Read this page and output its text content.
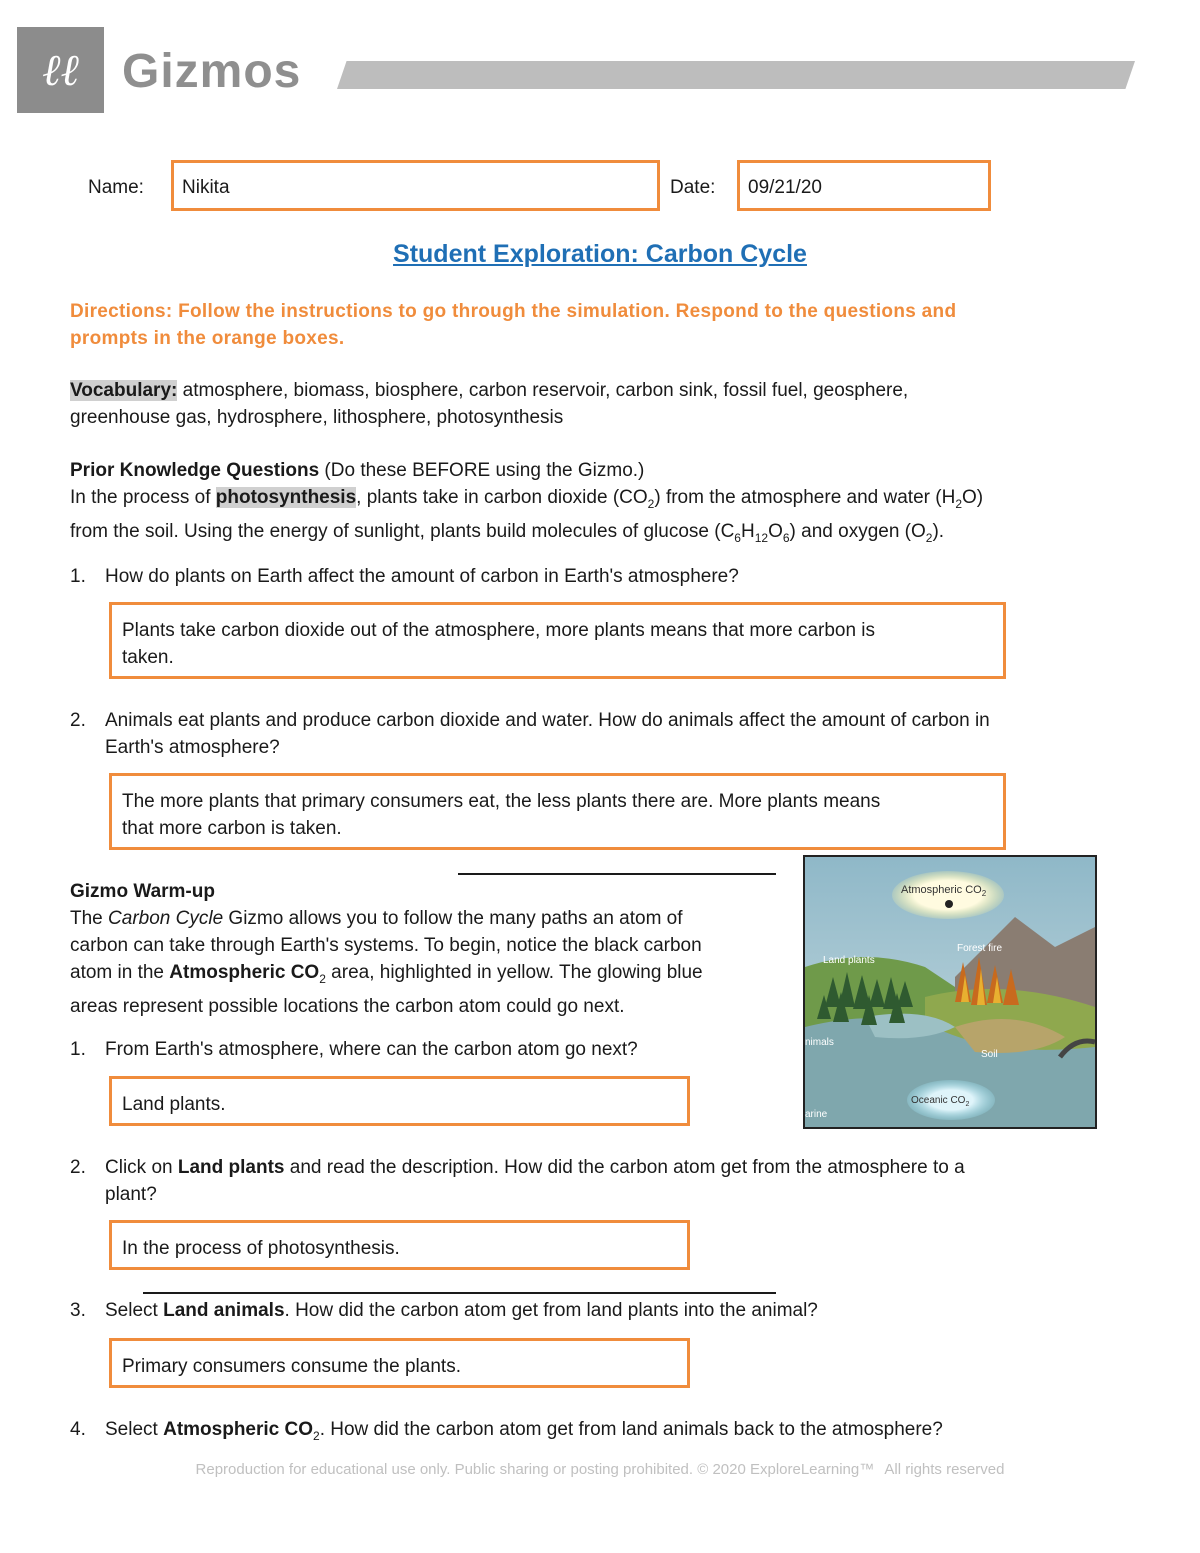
ℓℓ Gizmos
Name:	Nikita	Date:	09/21/20
Student Exploration: Carbon Cycle
Directions: Follow the instructions to go through the simulation. Respond to the questions and
prompts in the orange boxes.
Vocabulary: atmosphere, biomass, biosphere, carbon reservoir, carbon sink, fossil fuel, geosphere,
greenhouse gas, hydrosphere, lithosphere, photosynthesis
Prior Knowledge Questions (Do these BEFORE using the Gizmo.)
In the process of photosynthesis, plants take in carbon dioxide $(CO_2)$ from the atmosphere and water $(H_2O)$
from the soil. Using the energy of sunlight, plants build molecules of glucose $(C_6H_{12}O_6)$ and oxygen $(O_2)$.
1. How do plants on Earth affect the amount of carbon in Earth's atmosphere?
Plants take carbon dioxide out of the atmosphere, more plants means that more carbon is
taken.
2. Animals eat plants and produce carbon dioxide and water. How do animals affect the amount of carbon in
Earth's atmosphere?
The more plants that primary consumers eat, the less plants there are. More plants means
that more carbon is taken.
Gizmo Warm-up
The Carbon Cycle Gizmo allows you to follow the many paths an atom of
carbon can take through Earth's systems. To begin, notice the black carbon
atom in the Atmospheric $CO_2$ area, highlighted in yellow. The glowing blue
areas represent possible locations the carbon atom could go next.
Atmospheric $CO_2$
Land plants
Forest fire
nimals
Soil
Oceanic $CO_2$
arine
1. From Earth's atmosphere, where can the carbon atom go next?
Land plants.
2. Click on Land plants and read the description. How did the carbon atom get from the atmosphere to a
plant?
In the process of photosynthesis.
3. Select Land animals. How did the carbon atom get from land plants into the animal?
Primary consumers consume the plants.
4. Select Atmospheric $CO_2$. How did the carbon atom get from land animals back to the atmosphere?
Reproduction for educational use only. Public sharing or posting prohibited. © 2020 ExploreLearning™ All rights reserved
